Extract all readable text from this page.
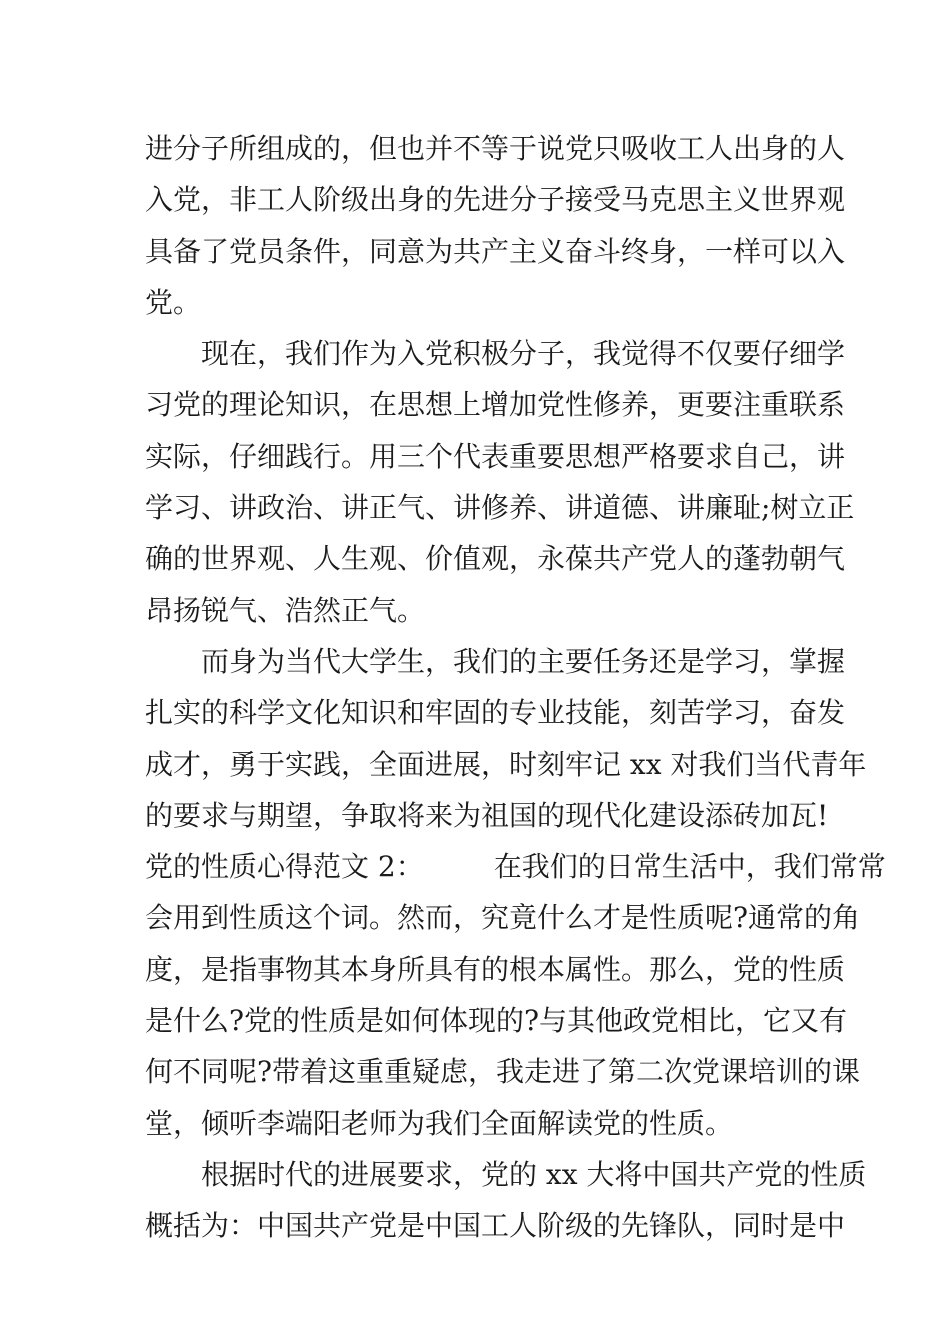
进分子所组成的，但也并不等于说党只吸收工人出身的人
入党，非工人阶级出身的先进分子接受马克思主义世界观
具备了党员条件，同意为共产主义奋斗终身，一样可以入
党。
现在，我们作为入党积极分子，我觉得不仅要仔细学
习党的理论知识，在思想上增加党性修养，更要注重联系
实际，仔细践行。用三个代表重要思想严格要求自己，讲
学习、讲政治、讲正气、讲修养、讲道德、讲廉耻;树立正
确的世界观、人生观、价值观，永葆共产党人的蓬勃朝气
昂扬锐气、浩然正气。
而身为当代大学生，我们的主要任务还是学习，掌握
扎实的科学文化知识和牢固的专业技能，刻苦学习，奋发
成才，勇于实践，全面进展，时刻牢记 xx 对我们当代青年
的要求与期望，争取将来为祖国的现代化建设添砖加瓦!
党的性质心得范文 2：	在我们的日常生活中，我们常常
会用到性质这个词。然而，究竟什么才是性质呢?通常的角
度，是指事物其本身所具有的根本属性。那么，党的性质
是什么?党的性质是如何体现的?与其他政党相比，它又有
何不同呢?带着这重重疑虑，我走进了第二次党课培训的课
堂，倾听李端阳老师为我们全面解读党的性质。
根据时代的进展要求，党的 xx 大将中国共产党的性质
概括为：中国共产党是中国工人阶级的先锋队，同时是中
